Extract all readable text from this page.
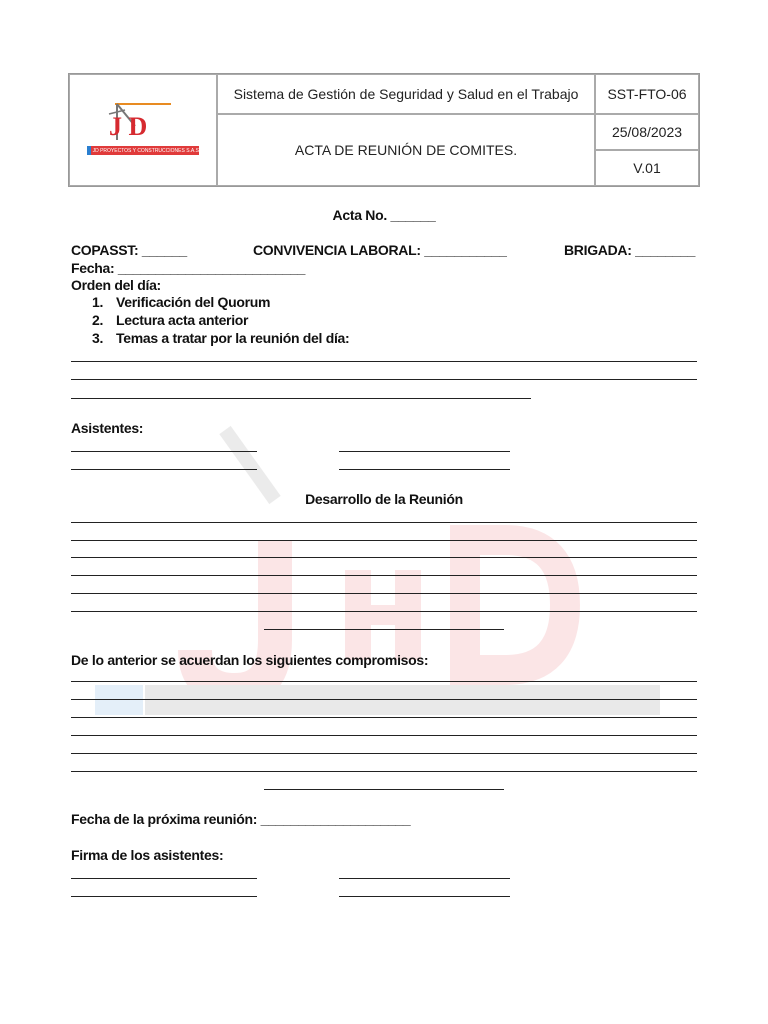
J D
JD PROYECTOS Y CONSTRUCCIONES S.A.S
Sistema de Gestión de Seguridad y Salud en el Trabajo
ACTA DE REUNIÓN DE COMITES.
SST-FTO-06
25/08/2023
V.01
Acta No. ______
COPASST: ______	CONVIVENCIA LABORAL: ___________	BRIGADA: ________
Fecha: _________________________
Orden del día:
1. Verificación del Quorum
2. Lectura acta anterior
3. Temas a tratar por la reunión del día:
Asistentes:
Desarrollo de la Reunión
De lo anterior se acuerdan los siguientes compromisos:
Fecha de la próxima reunión: ____________________
Firma de los asistentes:
